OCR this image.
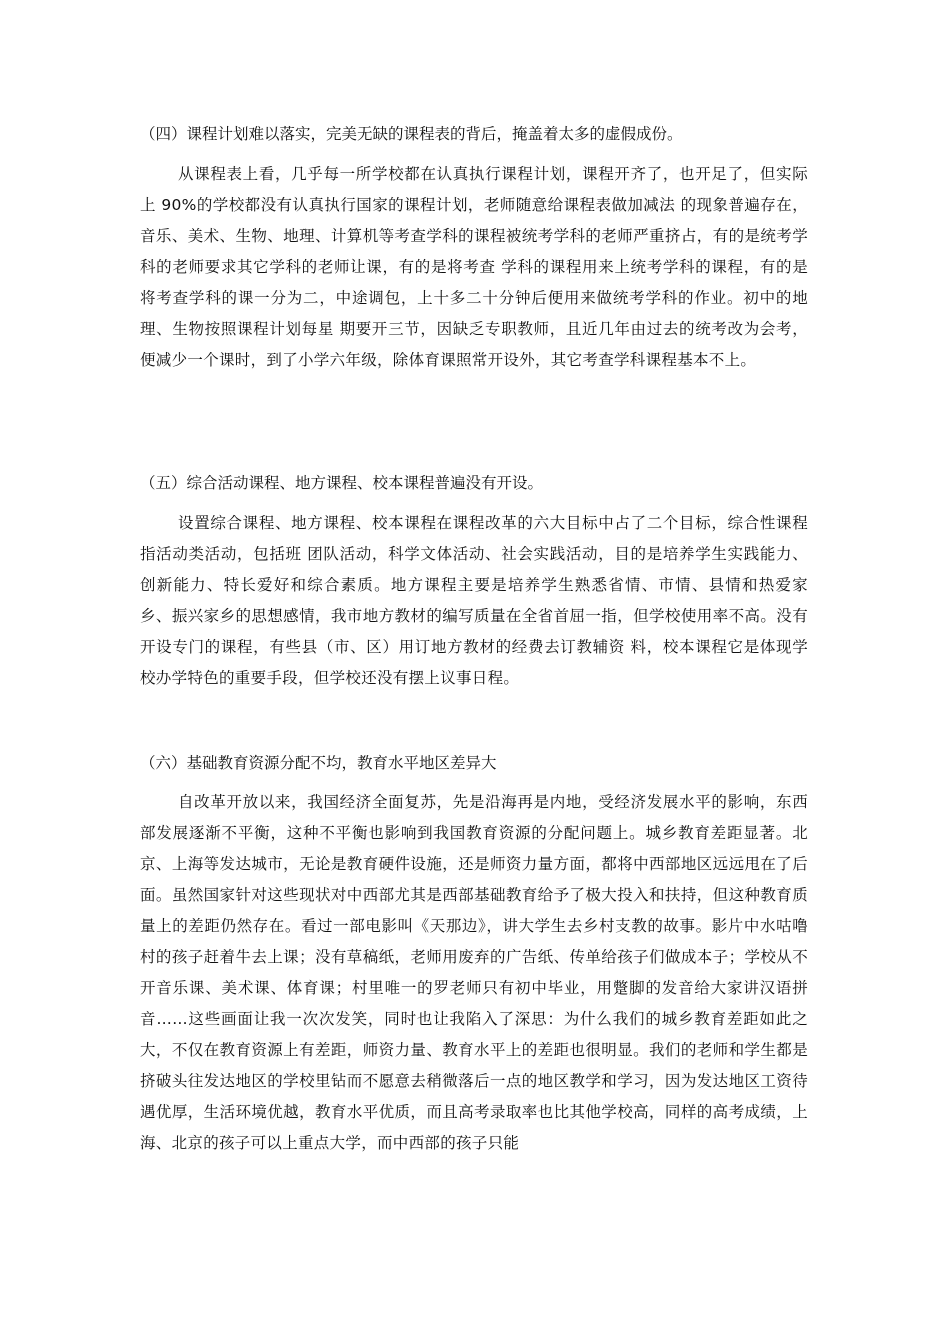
（四）课程计划难以落实，完美无缺的课程表的背后，掩盖着太多的虚假成份。
从课程表上看，几乎每一所学校都在认真执行课程计划，课程开齐了，也开足了，但实际上 90%的学校都没有认真执行国家的课程计划，老师随意给课程表做加减法 的现象普遍存在，音乐、美术、生物、地理、计算机等考查学科的课程被统考学科的老师严重挤占，有的是统考学科的老师要求其它学科的老师让课，有的是将考查 学科的课程用来上统考学科的课程，有的是将考查学科的课一分为二，中途调包，上十多二十分钟后便用来做统考学科的作业。初中的地理、生物按照课程计划每星 期要开三节，因缺乏专职教师，且近几年由过去的统考改为会考，便减少一个课时，到了小学六年级，除体育课照常开设外，其它考查学科课程基本不上。
（五）综合活动课程、地方课程、校本课程普遍没有开设。
设置综合课程、地方课程、校本课程在课程改革的六大目标中占了二个目标，综合性课程指活动类活动，包括班 团队活动，科学文体活动、社会实践活动，目的是培养学生实践能力、创新能力、特长爱好和综合素质。地方课程主要是培养学生熟悉省情、市情、县情和热爱家 乡、振兴家乡的思想感情，我市地方教材的编写质量在全省首屈一指，但学校使用率不高。没有开设专门的课程，有些县（市、区）用订地方教材的经费去订教辅资 料，校本课程它是体现学校办学特色的重要手段，但学校还没有摆上议事日程。
（六）基础教育资源分配不均，教育水平地区差异大
自改革开放以来，我国经济全面复苏，先是沿海再是内地，受经济发展水平的影响，东西部发展逐渐不平衡，这种不平衡也影响到我国教育资源的分配问题上。城乡教育差距显著。北京、上海等发达城市，无论是教育硬件设施，还是师资力量方面，都将中西部地区远远甩在了后面。虽然国家针对这些现状对中西部尤其是西部基础教育给予了极大投入和扶持，但这种教育质量上的差距仍然存在。看过一部电影叫《天那边》，讲大学生去乡村支教的故事。影片中水咕噜村的孩子赶着牛去上课；没有草稿纸，老师用废弃的广告纸、传单给孩子们做成本子；学校从不开音乐课、美术课、体育课；村里唯一的罗老师只有初中毕业，用蹩脚的发音给大家讲汉语拼音……这些画面让我一次次发笑，同时也让我陷入了深思：为什么我们的城乡教育差距如此之大，不仅在教育资源上有差距，师资力量、教育水平上的差距也很明显。我们的老师和学生都是挤破头往发达地区的学校里钻而不愿意去稍微落后一点的地区教学和学习，因为发达地区工资待遇优厚，生活环境优越，教育水平优质，而且高考录取率也比其他学校高，同样的高考成绩，上海、北京的孩子可以上重点大学，而中西部的孩子只能
